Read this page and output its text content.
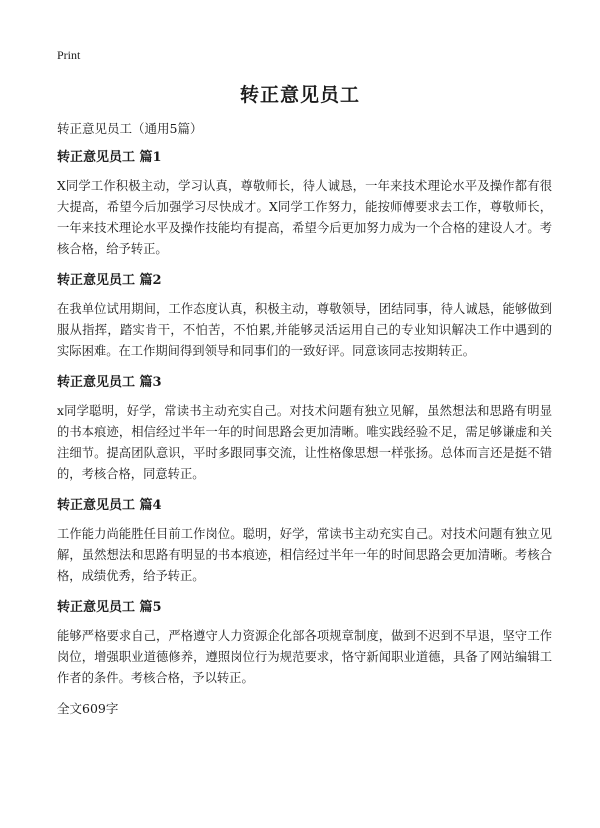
Print
转正意见员工

转正意见员工（通用5篇）

转正意见员工 篇1

X同学工作积极主动，学习认真，尊敬师长，待人诚恳，一年来技术理论水平及操作都有很大提高，希望今后加强学习尽快成才。X同学工作努力，能按师傅要求去工作，尊敬师长，一年来技术理论水平及操作技能均有提高，希望今后更加努力成为一个合格的建设人才。考核合格，给予转正。

转正意见员工 篇2

在我单位试用期间，工作态度认真，积极主动，尊敬领导，团结同事，待人诚恳，能够做到服从指挥，踏实肯干，不怕苦，不怕累,并能够灵活运用自己的专业知识解决工作中遇到的实际困难。在工作期间得到领导和同事们的一致好评。同意该同志按期转正。

转正意见员工 篇3

x同学聪明，好学，常读书主动充实自己。对技术问题有独立见解，虽然想法和思路有明显的书本痕迹，相信经过半年一年的时间思路会更加清晰。唯实践经验不足，需足够谦虚和关注细节。提高团队意识，平时多跟同事交流，让性格像思想一样张扬。总体而言还是挺不错的，考核合格，同意转正。

转正意见员工 篇4

工作能力尚能胜任目前工作岗位。聪明，好学，常读书主动充实自己。对技术问题有独立见解，虽然想法和思路有明显的书本痕迹，相信经过半年一年的时间思路会更加清晰。考核合格，成绩优秀，给予转正。

转正意见员工 篇5

能够严格要求自己，严格遵守人力资源企化部各项规章制度，做到不迟到不早退，坚守工作岗位，增强职业道德修养，遵照岗位行为规范要求，恪守新闻职业道德，具备了网站编辑工作者的条件。考核合格，予以转正。

全文609字
